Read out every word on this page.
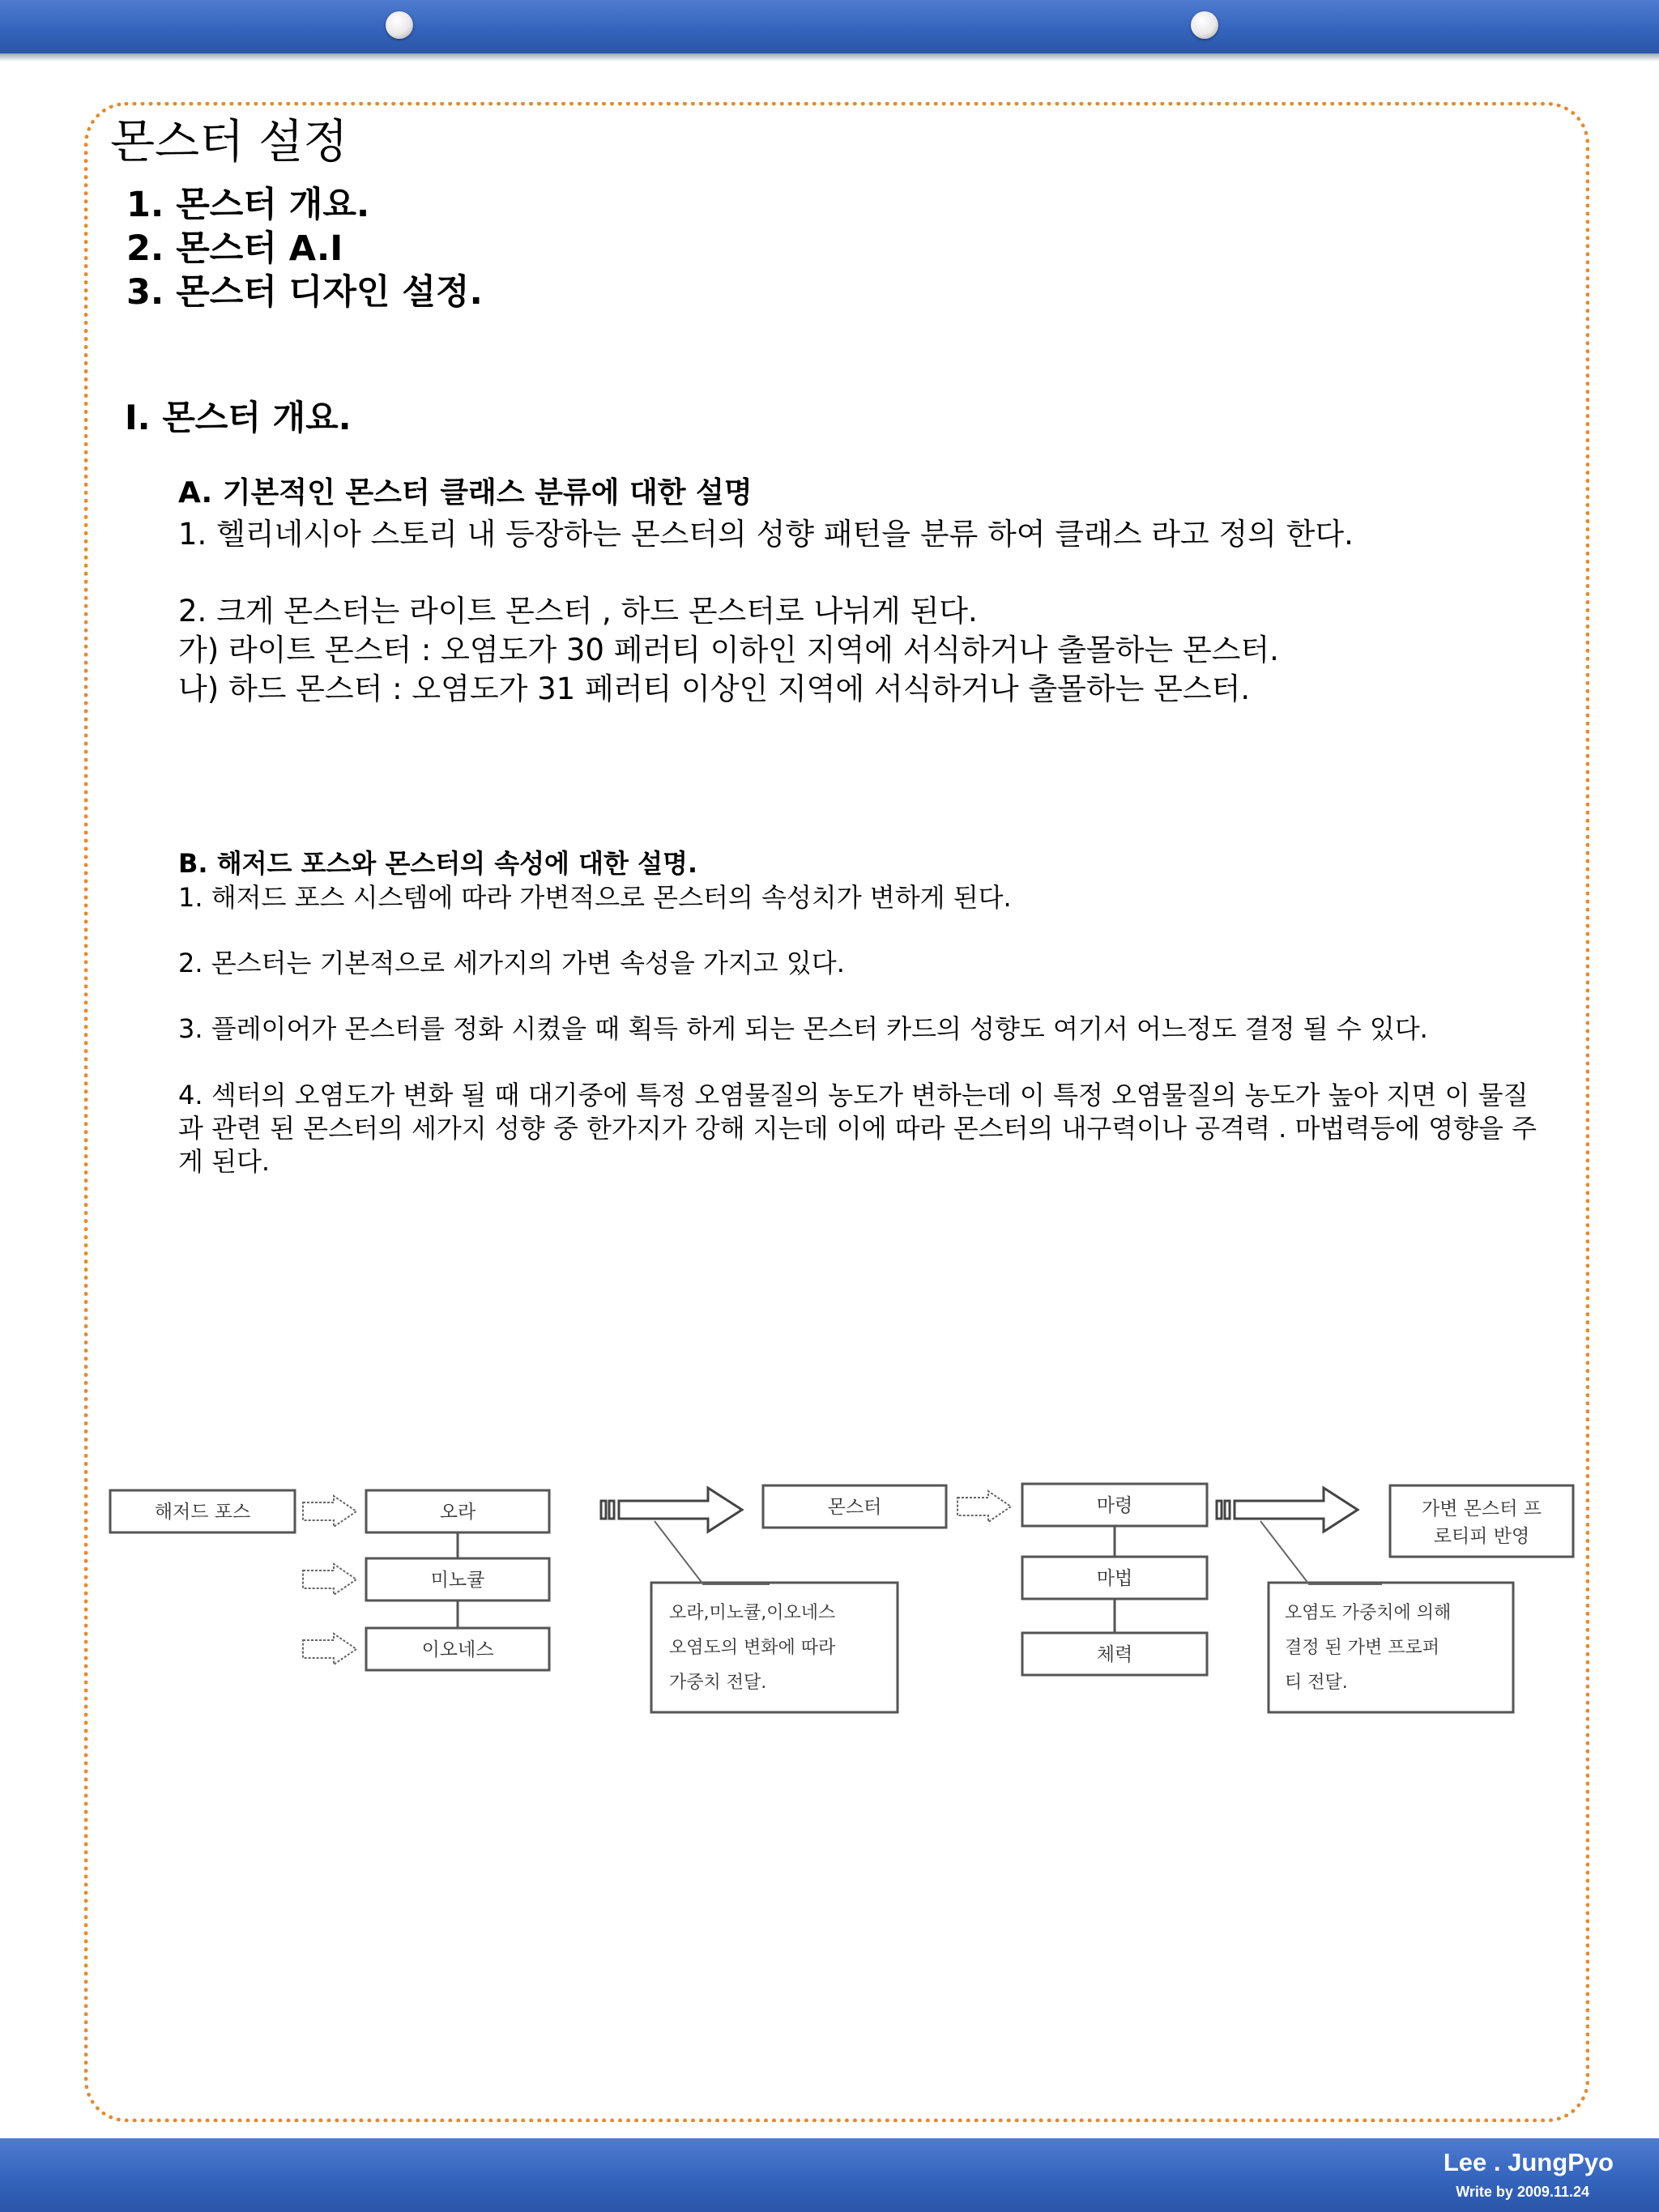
몬스터 설정
1. 몬스터 개요.
2. 몬스터 A.I
3. 몬스터 디자인 설정.
I. 몬스터 개요.
A. 기본적인 몬스터 클래스 분류에 대한 설명
1. 헬리네시아 스토리 내 등장하는 몬스터의 성향 패턴을 분류 하여 클래스 라고 정의 한다.
2. 크게 몬스터는 라이트 몬스터 , 하드 몬스터로 나뉘게 된다.
가) 라이트 몬스터 : 오염도가 30 페러티 이하인 지역에 서식하거나 출몰하는 몬스터.
나) 하드 몬스터 : 오염도가 31 페러티 이상인 지역에 서식하거나 출몰하는 몬스터.
B. 해저드 포스와 몬스터의 속성에 대한 설명.
1. 해저드 포스 시스템에 따라 가변적으로 몬스터의 속성치가 변하게 된다.
2. 몬스터는 기본적으로 세가지의 가변 속성을 가지고 있다.
3. 플레이어가 몬스터를 정화 시켰을 때 획득 하게 되는 몬스터 카드의 성향도 여기서 어느정도 결정 될 수 있다.
4. 섹터의 오염도가 변화 될 때 대기중에 특정 오염물질의 농도가 변하는데 이 특정 오염물질의 농도가 높아 지면 이 물질과 관련 된 몬스터의 세가지 성향 중 한가지가 강해 지는데 이에 따라 몬스터의 내구력이나 공격력 . 마법력등에 영향을 주게 된다.
해저드 포스	오라
미노큘
이오네스
몬스터	마령
마법
체력
가변 몬스터 프
로티피 반영
오라,미노큘,이오네스
오염도의 변화에 따라
가중치 전달.
오염도 가중치에 의해
결정 된 가변 프로퍼
티 전달.
Lee . JungPyo
Write by 2009.11.24
